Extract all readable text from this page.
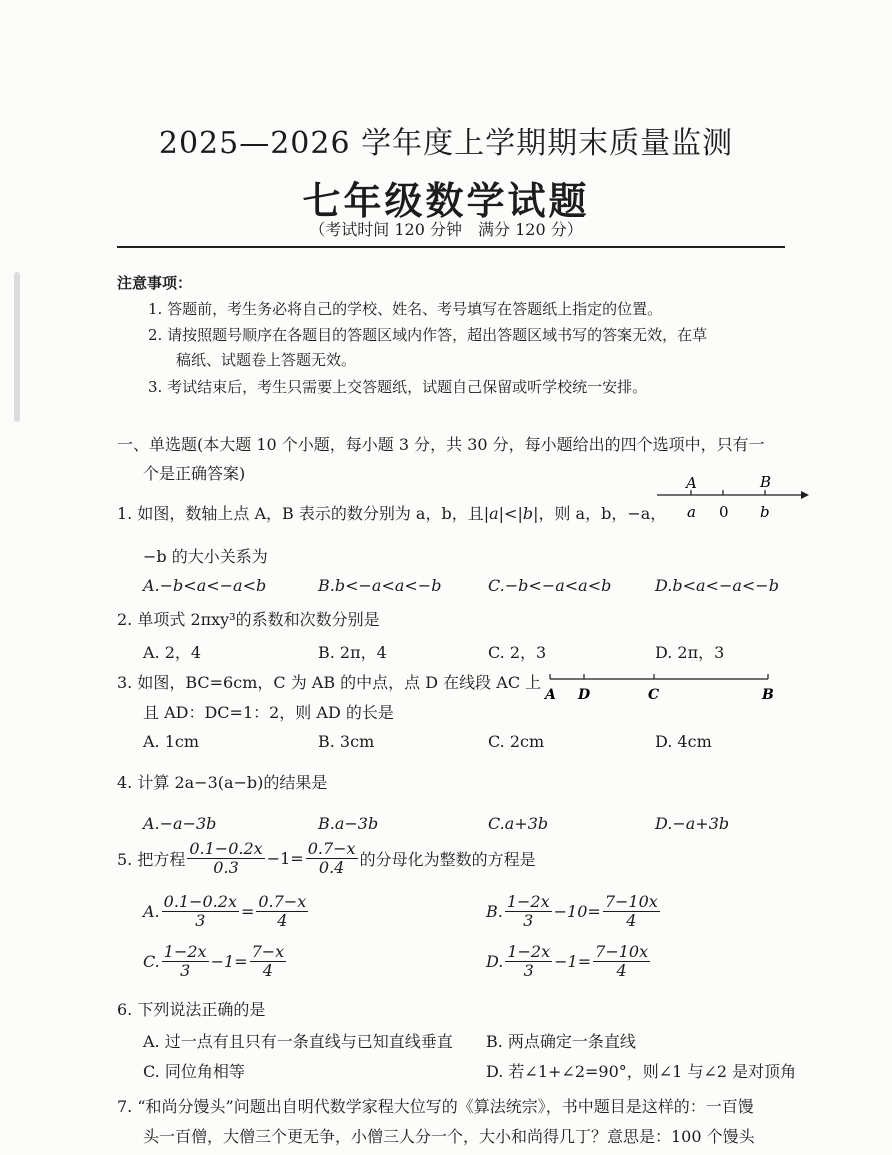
2025—2026 学年度上学期期末质量监测
七年级数学试题
（考试时间 120 分钟　满分 120 分）
注意事项：
1. 答题前，考生务必将自己的学校、姓名、考号填写在答题纸上指定的位置。
2. 请按照题号顺序在各题目的答题区域内作答，超出答题区域书写的答案无效，在草
稿纸、试题卷上答题无效。
3. 考试结束后，考生只需要上交答题纸，试题自己保留或听学校统一安排。
一、单选题(本大题 10 个小题，每小题 3 分，共 30 分，每小题给出的四个选项中，只有一
个是正确答案)
1. 如图，数轴上点 A，B 表示的数分别为 a，b，且|a|<|b|，则 a，b，−a，
A	B
a 0 b
−b 的大小关系为
A.−b<a<−a<b	B.b<−a<a<−b	C.−b<−a<a<b	D.b<a<−a<−b
2. 单项式 2πxy³的系数和次数分别是
A. 2，4	B. 2π，4	C. 2，3	D. 2π，3
3. 如图，BC=6cm，C 为 AB 的中点，点 D 在线段 AC 上
且 AD：DC=1：2，则 AD 的长是
A D	C	B
A. 1cm	B. 3cm	C. 2cm	D. 4cm
4. 计算 2a−3(a−b)的结果是
A.−a−3b	B.a−3b	C.a+3b	D.−a+3b
5. 把方程 $\frac{0.1-0.2x}{0.3} -1= \frac{0.7-x}{0.4}$ 的分母化为整数的方程是
A. $\frac{0.1-0.2x}{3} = \frac{0.7-x}{4}$	B. $\frac{1-2x}{3} -10= \frac{7-10x}{4}$
C. $\frac{1-2x}{3} -1= \frac{7-x}{4}$	D. $\frac{1-2x}{3} -1= \frac{7-10x}{4}$
6. 下列说法正确的是
A. 过一点有且只有一条直线与已知直线垂直 B. 两点确定一条直线
C. 同位角相等	D. 若∠1+∠2=90°，则∠1 与∠2 是对顶角
7. “和尚分馒头”问题出自明代数学家程大位写的《算法统宗》，书中题目是这样的：一百馒
头一百僧，大僧三个更无争，小僧三人分一个，大小和尚得几丁？意思是：100 个馒头
